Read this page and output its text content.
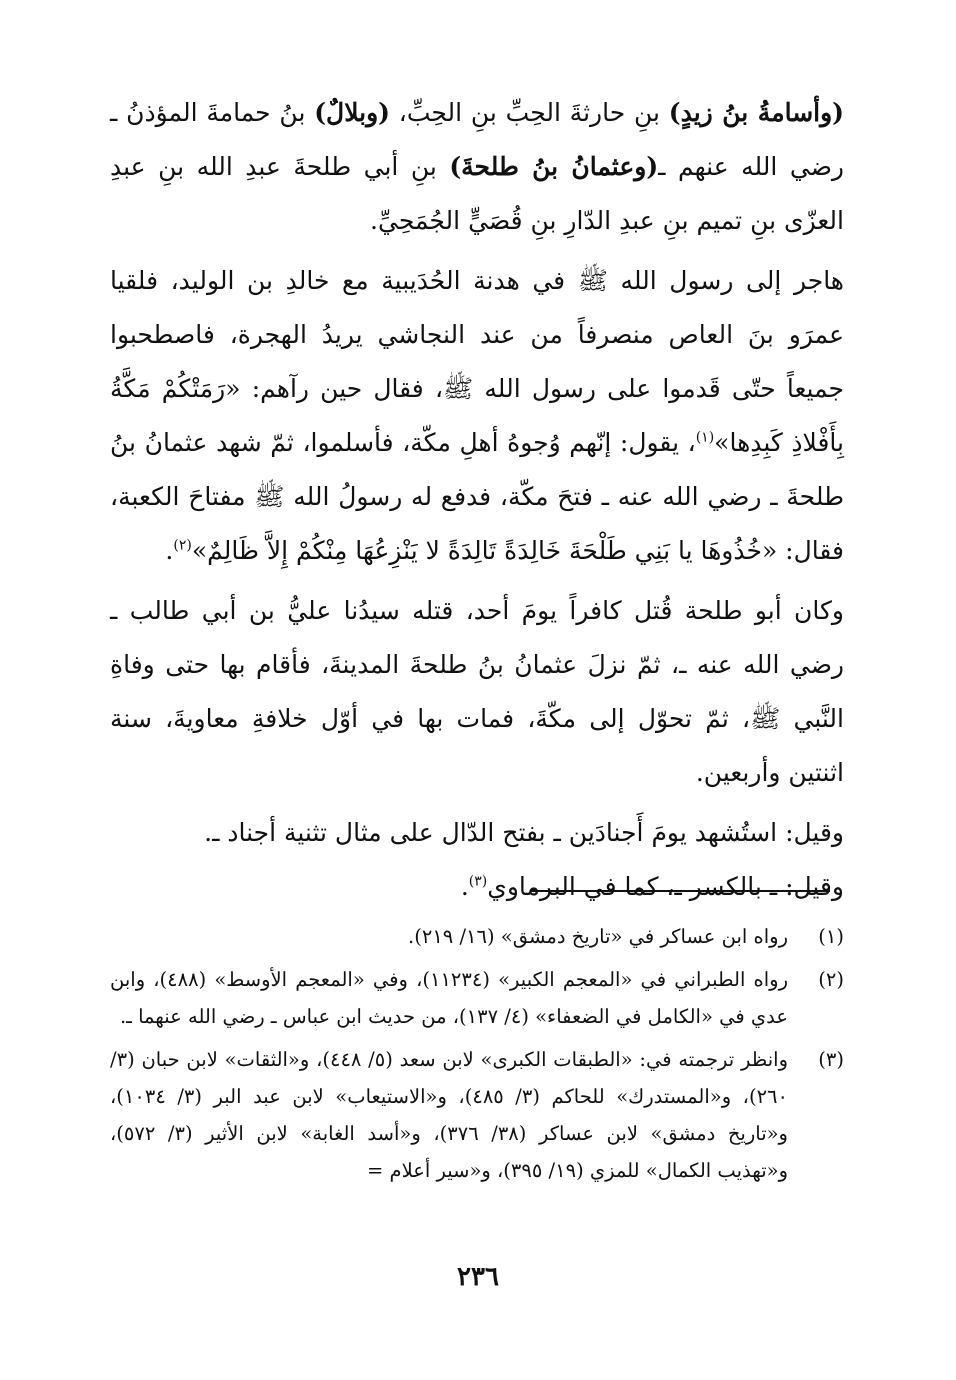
(وأسامةُ بنُ زيدٍ) بنِ حارثةَ الحِبِّ بنِ الحِبِّ، (وبلالٌ) بنُ حمامةَ المؤذنُ ـ رضي الله عنهم ـ(وعثمانُ بنُ طلحةَ) بنِ أبي طلحةَ عبدِ الله بنِ عبدِ العزّى بنِ تميم بنِ عبدِ الدّارِ بنِ قُصَيٍّ الجُمَحِيِّ.

هاجر إلى رسول الله ﷺ في هدنة الحُدَيبية مع خالدِ بن الوليد، فلقيا عمرَو بنَ العاص منصرفاً من عند النجاشي يريدُ الهجرة، فاصطحبوا جميعاً حتّى قَدموا على رسول الله ﷺ، فقال حين رآهم: «رَمَتْكُمْ مَكَّةُ بِأَفْلاذِ كَبِدِها»$^{(١)}$، يقول: إنّهم وُجوهُ أهلِ مكّة، فأسلموا، ثمّ شهد عثمانُ بنُ طلحةَ ـ رضي الله عنه ـ فتحَ مكّة، فدفع له رسولُ الله ﷺ مفتاحَ الكعبة، فقال: «خُذُوهَا يا بَنِي طَلْحَةَ خَالِدَةً تَالِدَةً لا يَنْزِعُهَا مِنْكُمْ إِلاَّ ظَالِمٌ»$^{(٢)}$.

وكان أبو طلحة قُتل كافراً يومَ أحد، قتله سيدُنا عليُّ بن أبي طالب ـ رضي الله عنه ـ، ثمّ نزلَ عثمانُ بنُ طلحةَ المدينةَ، فأقام بها حتى وفاةِ النَّبي ﷺ، ثمّ تحوّل إلى مكّةَ، فمات بها في أوّل خلافةِ معاويةَ، سنة اثنتين وأربعين.

وقيل: استُشهد يومَ أَجنادَين ـ بفتح الدّال على مثال تثنية أجناد ـ.

وقيل: ـ بالكسر ـ، كما في البرماوي$^{(٣)}$.

(١)
رواه ابن عساكر في «تاريخ دمشق» (١٦/ ٢١٩).
(٢)
رواه الطبراني في «المعجم الكبير» (١١٢٣٤)، وفي «المعجم الأوسط» (٤٨٨)، وابن عدي في «الكامل في الضعفاء» (٤/ ١٣٧)، من حديث ابن عباس ـ رضي الله عنهما ـ.
(٣)
وانظر ترجمته في: «الطبقات الكبرى» لابن سعد (٥/ ٤٤٨)، و«الثقات» لابن حبان (٣/ ٢٦٠)، و«المستدرك» للحاكم (٣/ ٤٨٥)، و«الاستيعاب» لابن عبد البر (٣/ ١٠٣٤)، و«تاريخ دمشق» لابن عساكر (٣٨/ ٣٧٦)، و«أسد الغابة» لابن الأثير (٣/ ٥٧٢)، و«تهذيب الكمال» للمزي (١٩/ ٣٩٥)، و«سير أعلام =
٢٣٦
